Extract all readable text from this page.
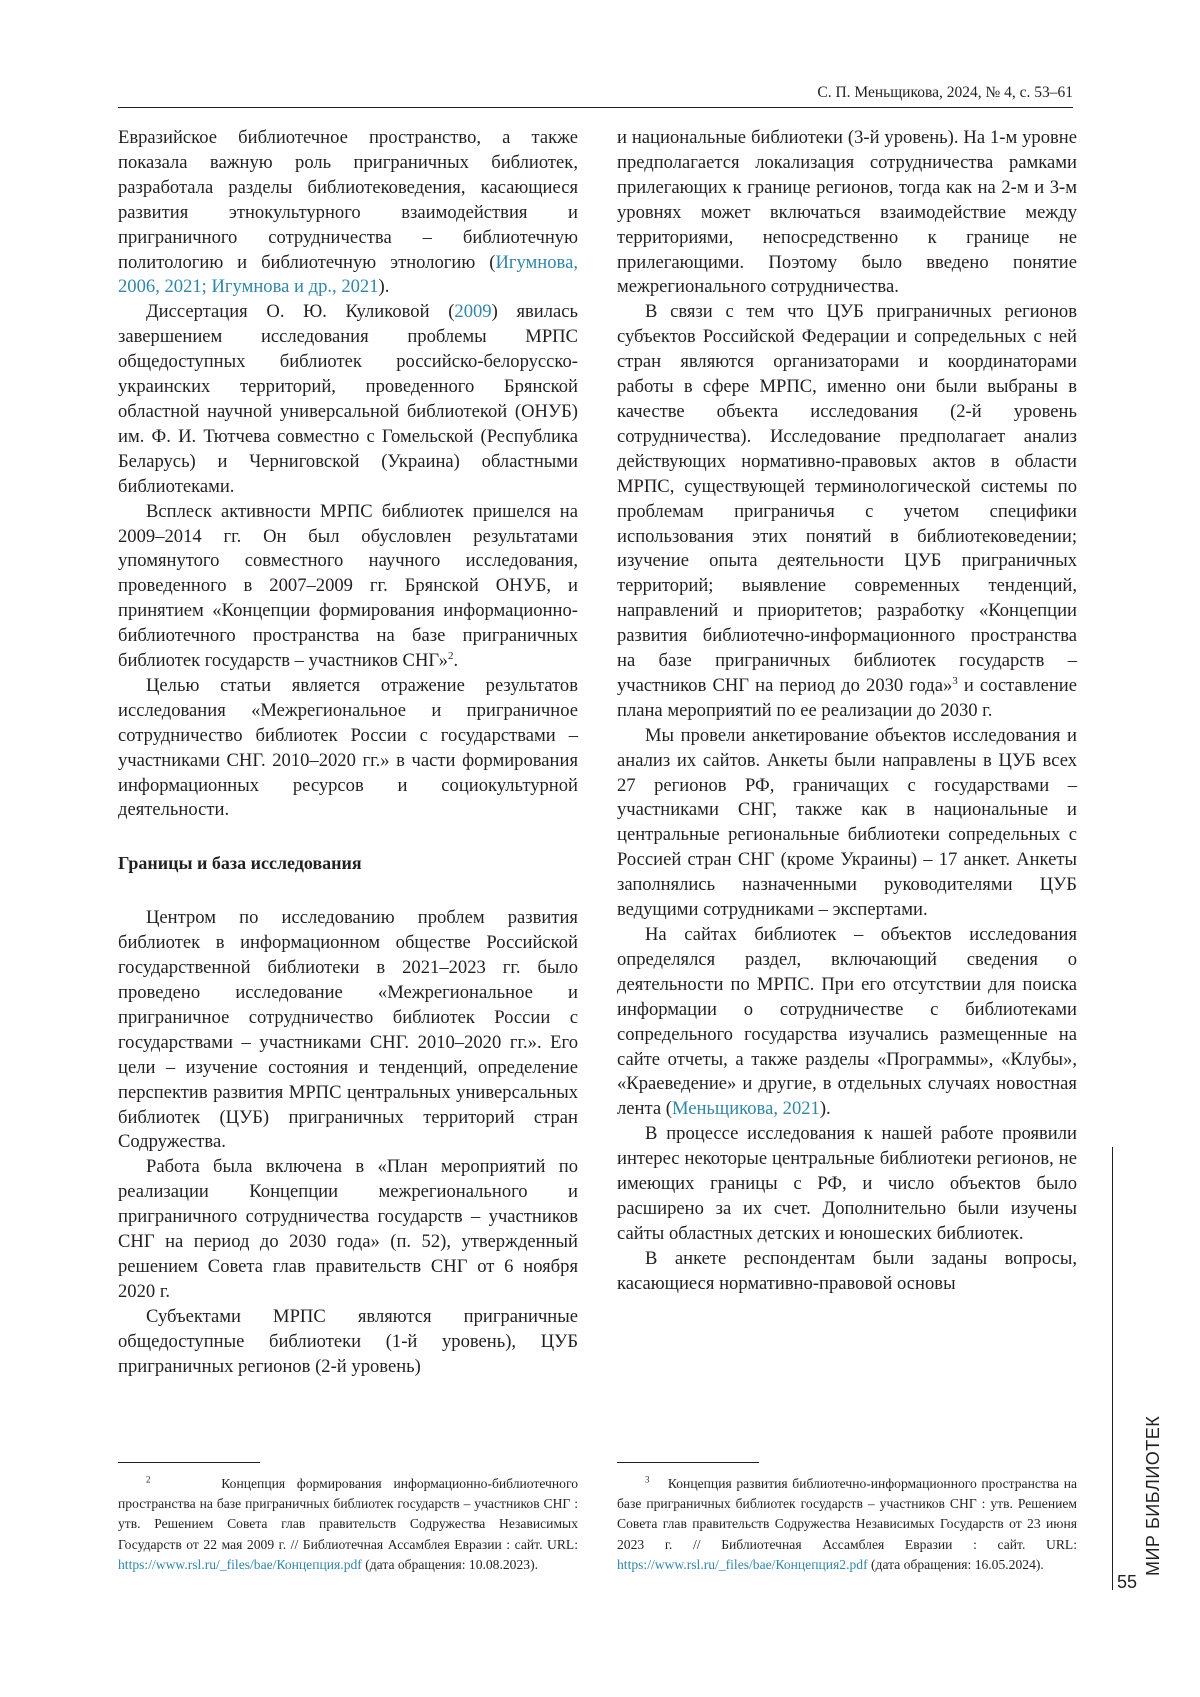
С. П. Меньщикова, 2024, № 4, с. 53–61

Евразийское библиотечное пространство, а также показала важную роль приграничных библиотек, разработала разделы библиотековедения, касающиеся развития этнокультурного взаимодействия и приграничного сотрудничества – библиотечную политологию и библиотечную этнологию (Игумнова, 2006, 2021; Игумнова и др., 2021).

Диссертация О. Ю. Куликовой (2009) явилась завершением исследования проблемы МРПС общедоступных библиотек российско-белорусско-украинских территорий, проведенного Брянской областной научной универсальной библиотекой (ОНУБ) им. Ф. И. Тютчева совместно с Гомельской (Республика Беларусь) и Черниговской (Украина) областными библиотеками.

Всплеск активности МРПС библиотек пришелся на 2009–2014 гг. Он был обусловлен результатами упомянутого совместного научного исследования, проведенного в 2007–2009 гг. Брянской ОНУБ, и принятием «Концепции формирования информационно-библиотечного пространства на базе приграничных библиотек государств – участников СНГ»2.

Целью статьи является отражение результатов исследования «Межрегиональное и приграничное сотрудничество библиотек России с государствами – участниками СНГ. 2010–2020 гг.» в части формирования информационных ресурсов и социокультурной деятельности.

Границы и база исследования

Центром по исследованию проблем развития библиотек в информационном обществе Российской государственной библиотеки в 2021–2023 гг. было проведено исследование «Межрегиональное и приграничное сотрудничество библиотек России с государствами – участниками СНГ. 2010–2020 гг.». Его цели – изучение состояния и тенденций, определение перспектив развития МРПС центральных универсальных библиотек (ЦУБ) приграничных территорий стран Содружества.

Работа была включена в «План мероприятий по реализации Концепции межрегионального и приграничного сотрудничества государств – участников СНГ на период до 2030 года» (п. 52), утвержденный решением Совета глав правительств СНГ от 6 ноября 2020 г.

Субъектами МРПС являются приграничные общедоступные библиотеки (1-й уровень), ЦУБ приграничных регионов (2-й уровень)

и национальные библиотеки (3-й уровень). На 1-м уровне предполагается локализация сотрудничества рамками прилегающих к границе регионов, тогда как на 2-м и 3-м уровнях может включаться взаимодействие между территориями, непосредственно к границе не прилегающими. Поэтому было введено понятие межрегионального сотрудничества.

В связи с тем что ЦУБ приграничных регионов субъектов Российской Федерации и сопредельных с ней стран являются организаторами и координаторами работы в сфере МРПС, именно они были выбраны в качестве объекта исследования (2-й уровень сотрудничества). Исследование предполагает анализ действующих нормативно-правовых актов в области МРПС, существующей терминологической системы по проблемам приграничья с учетом специфики использования этих понятий в библиотековедении; изучение опыта деятельности ЦУБ приграничных территорий; выявление современных тенденций, направлений и приоритетов; разработку «Концепции развития библиотечно-информационного пространства на базе приграничных библиотек государств – участников СНГ на период до 2030 года»3 и составление плана мероприятий по ее реализации до 2030 г.

Мы провели анкетирование объектов исследования и анализ их сайтов. Анкеты были направлены в ЦУБ всех 27 регионов РФ, граничащих с государствами – участниками СНГ, также как в национальные и центральные региональные библиотеки сопредельных с Россией стран СНГ (кроме Украины) – 17 анкет. Анкеты заполнялись назначенными руководителями ЦУБ ведущими сотрудниками – экспертами.

На сайтах библиотек – объектов исследования определялся раздел, включающий сведения о деятельности по МРПС. При его отсутствии для поиска информации о сотрудничестве с библиотеками сопредельного государства изучались размещенные на сайте отчеты, а также разделы «Программы», «Клубы», «Краеведение» и другие, в отдельных случаях новостная лента (Меньщикова, 2021).

В процессе исследования к нашей работе проявили интерес некоторые центральные библиотеки регионов, не имеющих границы с РФ, и число объектов было расширено за их счет. Дополнительно были изучены сайты областных детских и юношеских библиотек.

В анкете респондентам были заданы вопросы, касающиеся нормативно-правовой основы

2	Концепция формирования информационно-библиотечного пространства на базе приграничных библиотек государств – участников СНГ : утв. Решением Совета глав правительств Содружества Независимых Государств от 22 мая 2009 г. // Библиотечная Ассамблея Евразии : сайт. URL: https://www.rsl.ru/_files/bae/Концепция.pdf (дата обращения: 10.08.2023).

3 Концепция развития библиотечно-информационного пространства на базе приграничных библиотек государств – участников СНГ : утв. Решением Совета глав правительств Содружества Независимых Государств от 23 июня 2023 г. // Библиотечная Ассамблея Евразии : сайт. URL: https://www.rsl.ru/_files/bae/Концепция2.pdf (дата обращения: 16.05.2024).	МИР БИБЛИОТЕК
55
